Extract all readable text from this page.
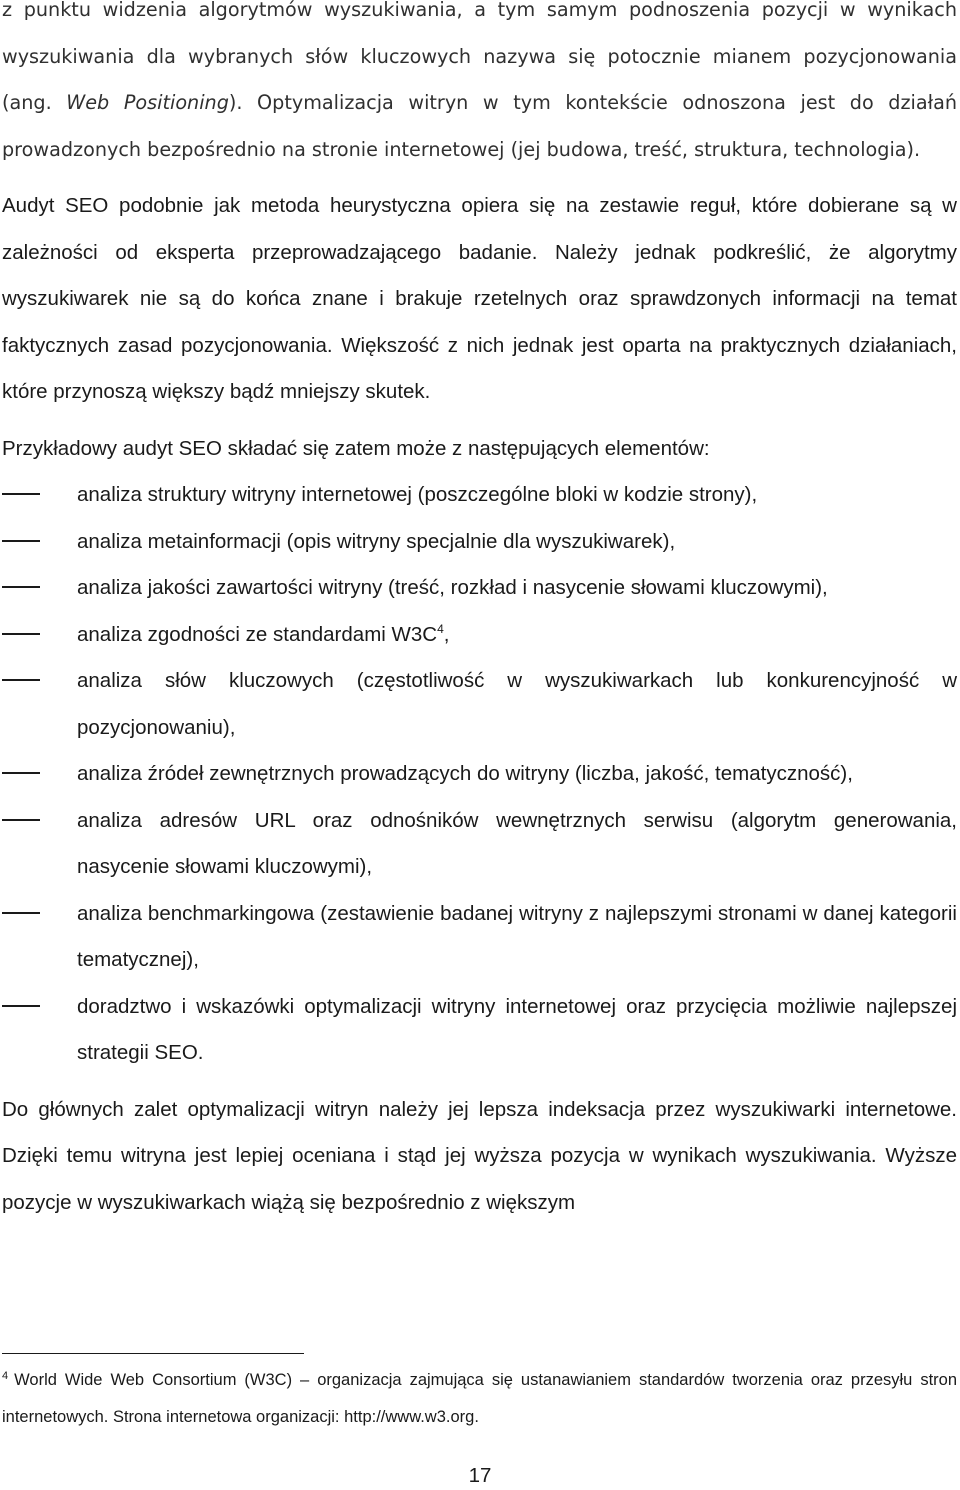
z punktu widzenia algorytmów wyszukiwania, a tym samym podnoszenia pozycji w wynikach wyszukiwania dla wybranych słów kluczowych nazywa się potocznie mianem pozycjonowania (ang. Web Positioning). Optymalizacja witryn w tym kontekście odnoszona jest do działań prowadzonych bezpośrednio na stronie internetowej (jej budowa, treść, struktura, technologia).

Audyt SEO podobnie jak metoda heurystyczna opiera się na zestawie reguł, które dobierane są w zależności od eksperta przeprowadzającego badanie. Należy jednak podkreślić, że algorytmy wyszukiwarek nie są do końca znane i brakuje rzetelnych oraz sprawdzonych informacji na temat faktycznych zasad pozycjonowania. Większość z nich jednak jest oparta na praktycznych działaniach, które przynoszą większy bądź mniejszy skutek.

Przykładowy audyt SEO składać się zatem może z następujących elementów:

analiza struktury witryny internetowej (poszczególne bloki w kodzie strony),
analiza metainformacji (opis witryny specjalnie dla wyszukiwarek),
analiza jakości zawartości witryny (treść, rozkład i nasycenie słowami kluczowymi),
analiza zgodności ze standardami $W3C^4$,
analiza słów kluczowych (częstotliwość w wyszukiwarkach lub konkurencyjność w pozycjonowaniu),
analiza źródeł zewnętrznych prowadzących do witryny (liczba, jakość, tematyczność),
analiza adresów URL oraz odnośników wewnętrznych serwisu (algorytm generowania, nasycenie słowami kluczowymi),
analiza benchmarkingowa (zestawienie badanej witryny z najlepszymi stronami w danej kategorii tematycznej),
doradztwo i wskazówki optymalizacji witryny internetowej oraz przycięcia możliwie najlepszej strategii SEO.

Do głównych zalet optymalizacji witryn należy jej lepsza indeksacja przez wyszukiwarki internetowe. Dzięki temu witryna jest lepiej oceniana i stąd jej wyższa pozycja w wynikach wyszukiwania. Wyższe pozycje w wyszukiwarkach wiążą się bezpośrednio z większym

$^4$ World Wide Web Consortium (W3C) – organizacja zajmująca się ustanawianiem standardów tworzenia oraz przesyłu stron internetowych. Strona internetowa organizacji: http://www.w3.org.
17
